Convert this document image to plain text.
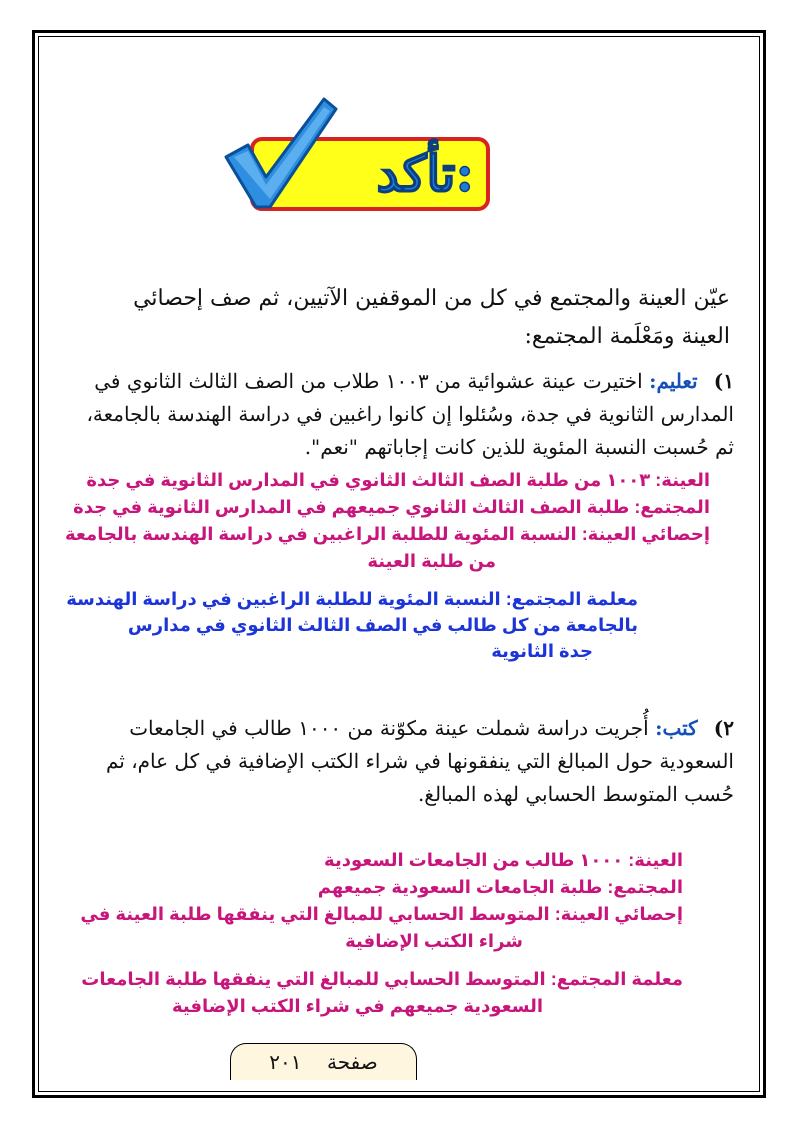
تأكد:
عيّن العينة والمجتمع في كل من الموقفين الآتيين، ثم صف إحصائي العينة ومَعْلَمة المجتمع:
١) تعليم: اختيرت عينة عشوائية من ١٠٠٣ طلاب من الصف الثالث الثانوي في المدارس الثانوية في جدة، وسُئلوا إن كانوا راغبين في دراسة الهندسة بالجامعة، ثم حُسبت النسبة المئوية للذين كانت إجاباتهم "نعم".
العينة: ١٠٠٣ من طلبة الصف الثالث الثانوي في المدارس الثانوية في جدة
المجتمع: طلبة الصف الثالث الثانوي جميعهم في المدارس الثانوية في جدة
إحصائي العينة: النسبة المئوية للطلبة الراغبين في دراسة الهندسة بالجامعة
من طلبة العينة
معلمة المجتمع: النسبة المئوية للطلبة الراغبين في دراسة الهندسة
بالجامعة من كل طالب في الصف الثالث الثانوي في مدارس
جدة الثانوية
٢) كتب: أُجريت دراسة شملت عينة مكوّنة من ١٠٠٠ طالب في الجامعات السعودية حول المبالغ التي ينفقونها في شراء الكتب الإضافية في كل عام، ثم حُسب المتوسط الحسابي لهذه المبالغ.
العينة: ١٠٠٠ طالب من الجامعات السعودية
المجتمع: طلبة الجامعات السعودية جميعهم
إحصائي العينة: المتوسط الحسابي للمبالغ التي ينفقها طلبة العينة في
شراء الكتب الإضافية
معلمة المجتمع: المتوسط الحسابي للمبالغ التي ينفقها طلبة الجامعات
السعودية جميعهم في شراء الكتب الإضافية
صفحة    ٢٠١
